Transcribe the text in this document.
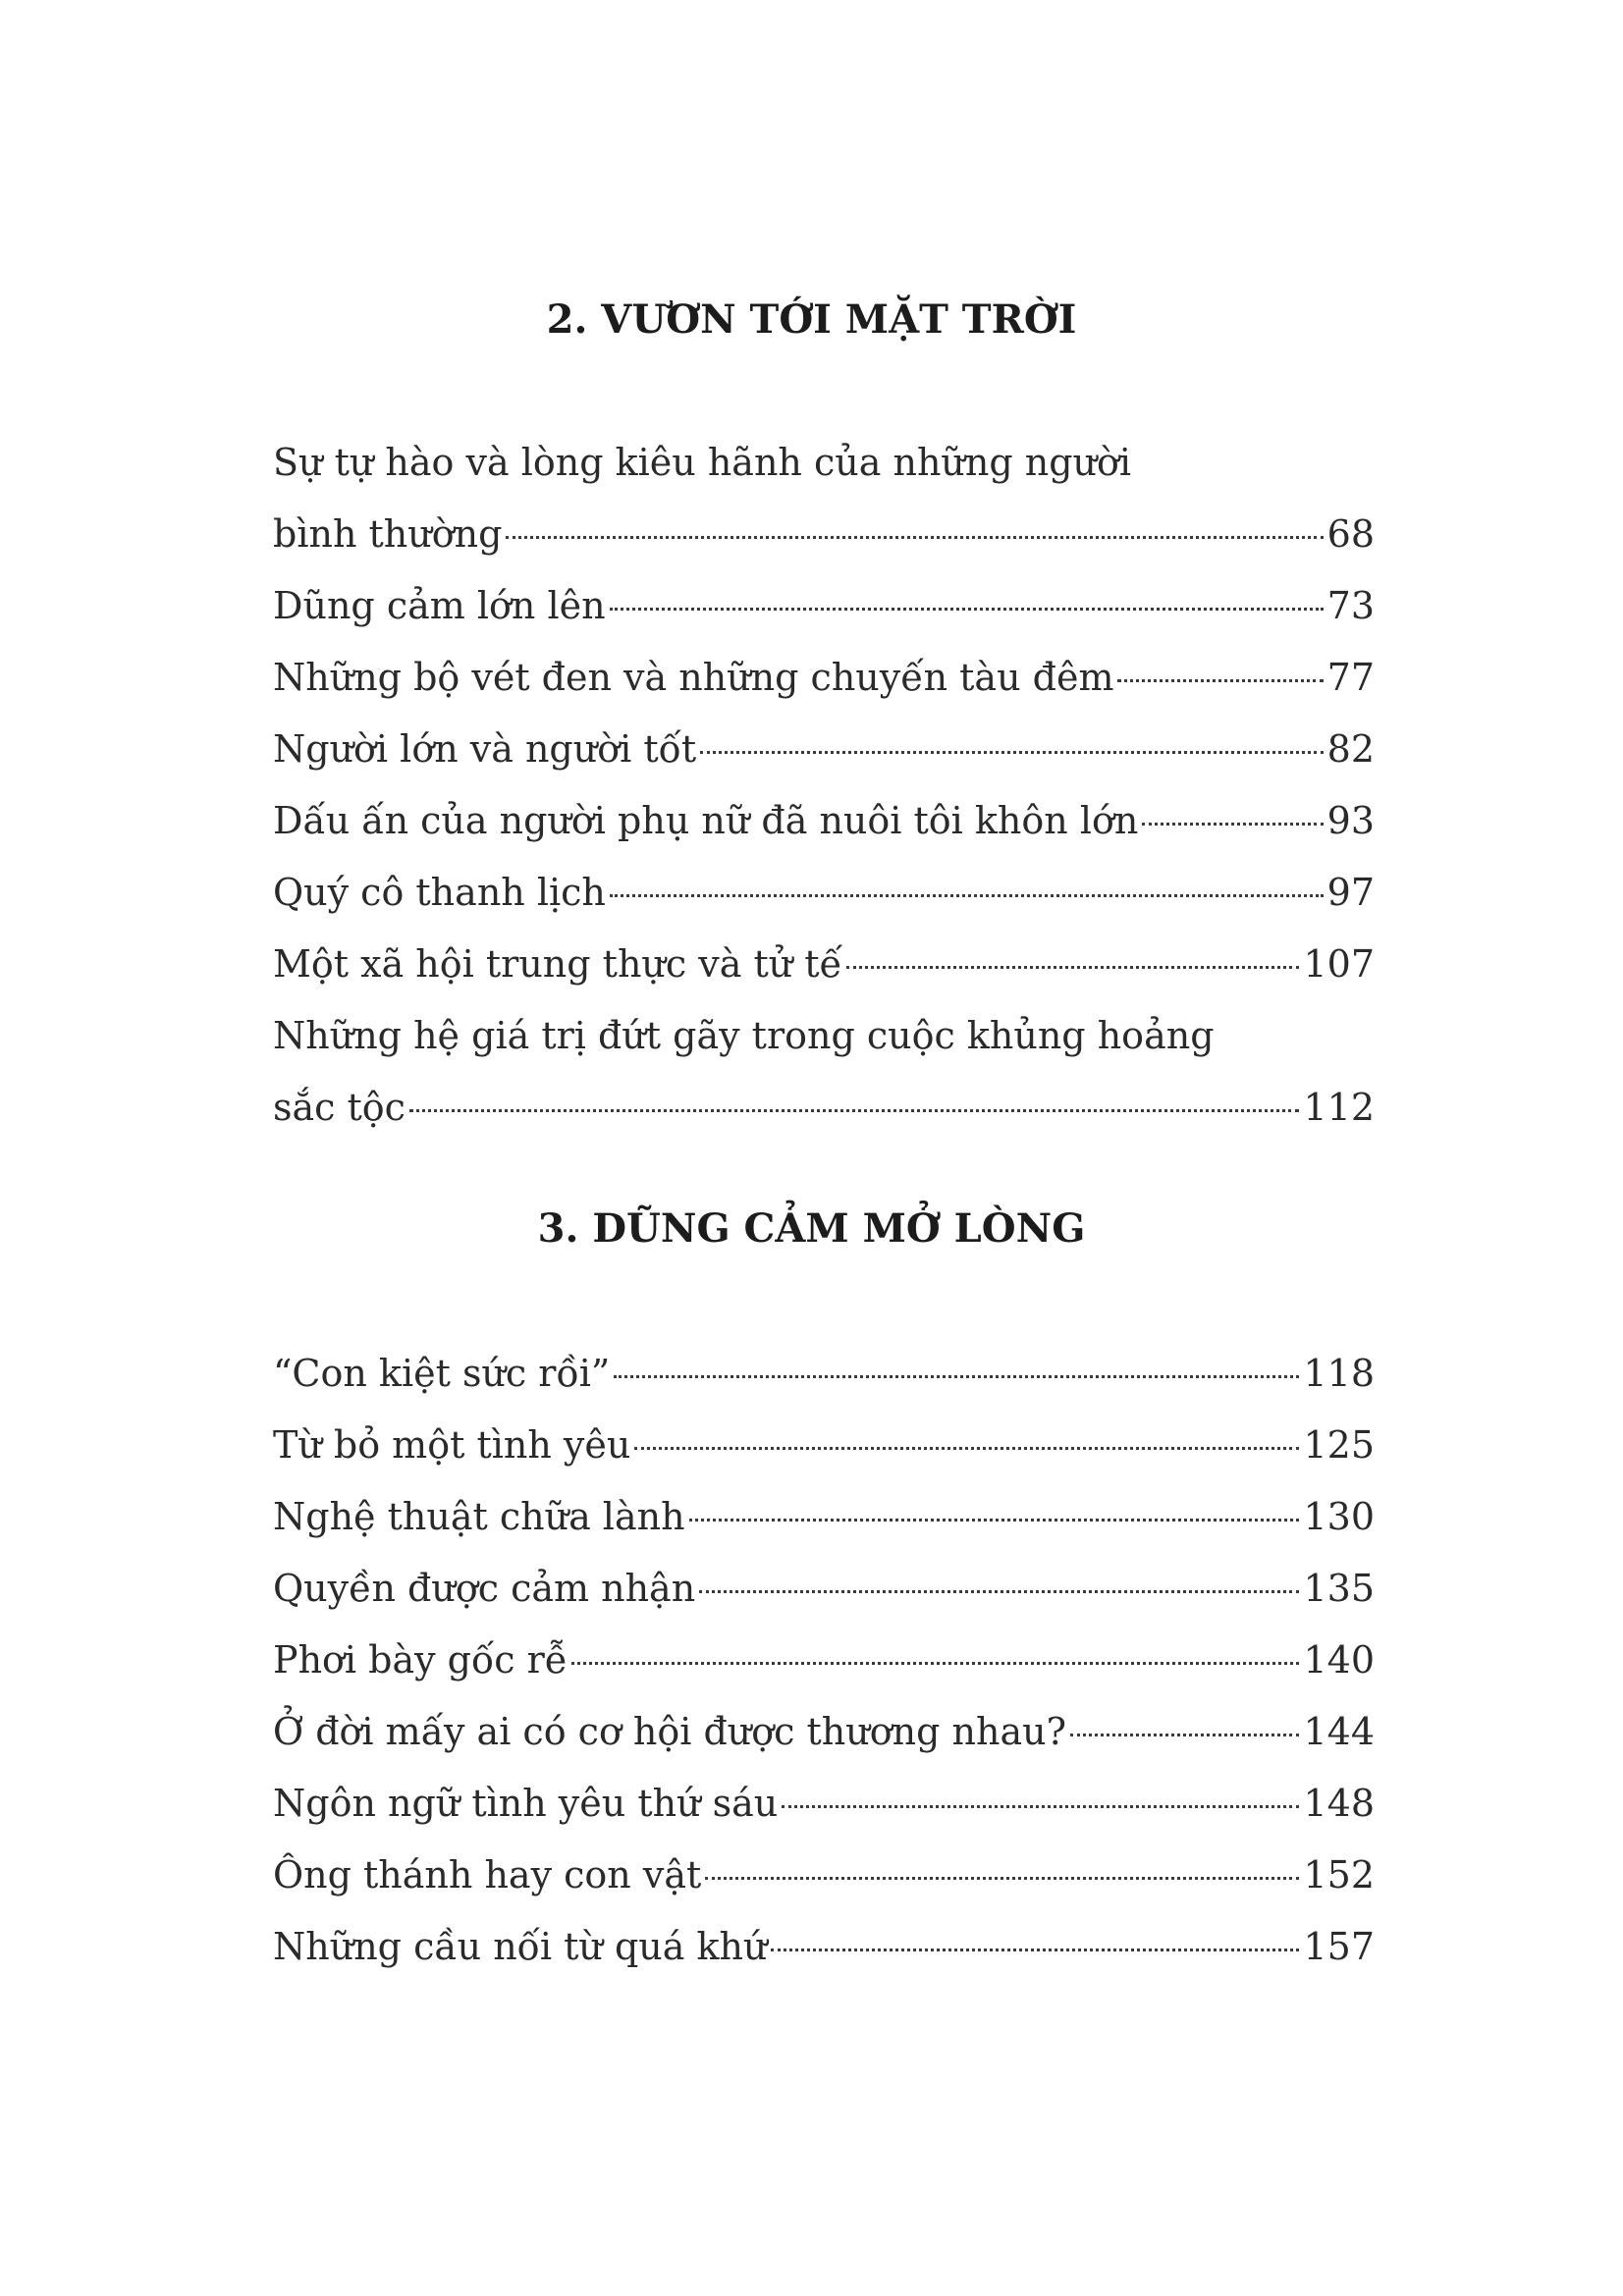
2. VƯƠN TỚI MẶT TRỜI
Sự tự hào và lòng kiêu hãnh của những người
bình thường	68
Dũng cảm lớn lên	73
Những bộ vét đen và những chuyến tàu đêm	77
Người lớn và người tốt	82
Dấu ấn của người phụ nữ đã nuôi tôi khôn lớn	93
Quý cô thanh lịch	97
Một xã hội trung thực và tử tế	107
Những hệ giá trị đứt gãy trong cuộc khủng hoảng
sắc tộc	112
3. DŨNG CẢM MỞ LÒNG
“Con kiệt sức rồi”	118
Từ bỏ một tình yêu	125
Nghệ thuật chữa lành	130
Quyền được cảm nhận	135
Phơi bày gốc rễ	140
Ở đời mấy ai có cơ hội được thương nhau?	144
Ngôn ngữ tình yêu thứ sáu	148
Ông thánh hay con vật	152
Những cầu nối từ quá khứ	157
